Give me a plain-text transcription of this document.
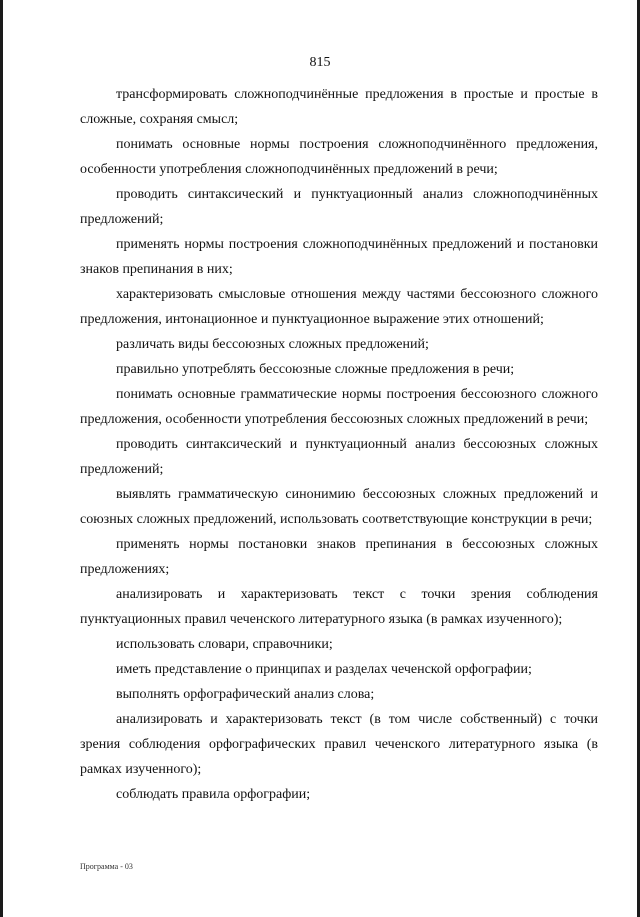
815

трансформировать сложноподчинённые предложения в простые и простые в сложные, сохраняя смысл;

понимать основные нормы построения сложноподчинённого предложения, особенности употребления сложноподчинённых предложений в речи;

проводить синтаксический и пунктуационный анализ сложноподчинённых предложений;

применять нормы построения сложноподчинённых предложений и постановки знаков препинания в них;

характеризовать смысловые отношения между частями бессоюзного сложного предложения, интонационное и пунктуационное выражение этих отношений;

различать виды бессоюзных сложных предложений;

правильно употреблять бессоюзные сложные предложения в речи;

понимать основные грамматические нормы построения бессоюзного сложного предложения, особенности употребления бессоюзных сложных предложений в речи;

проводить синтаксический и пунктуационный анализ бессоюзных сложных предложений;

выявлять грамматическую синонимию бессоюзных сложных предложений и союзных сложных предложений, использовать соответствующие конструкции в речи;

применять нормы постановки знаков препинания в бессоюзных сложных предложениях;

анализировать и характеризовать текст с точки зрения соблюдения пунктуационных правил чеченского литературного языка (в рамках изученного);

использовать словари, справочники;

иметь представление о принципах и разделах чеченской орфографии;

выполнять орфографический анализ слова;

анализировать и характеризовать текст (в том числе собственный) с точки зрения соблюдения орфографических правил чеченского литературного языка (в рамках изученного);

соблюдать правила орфографии;

Программа - 03
